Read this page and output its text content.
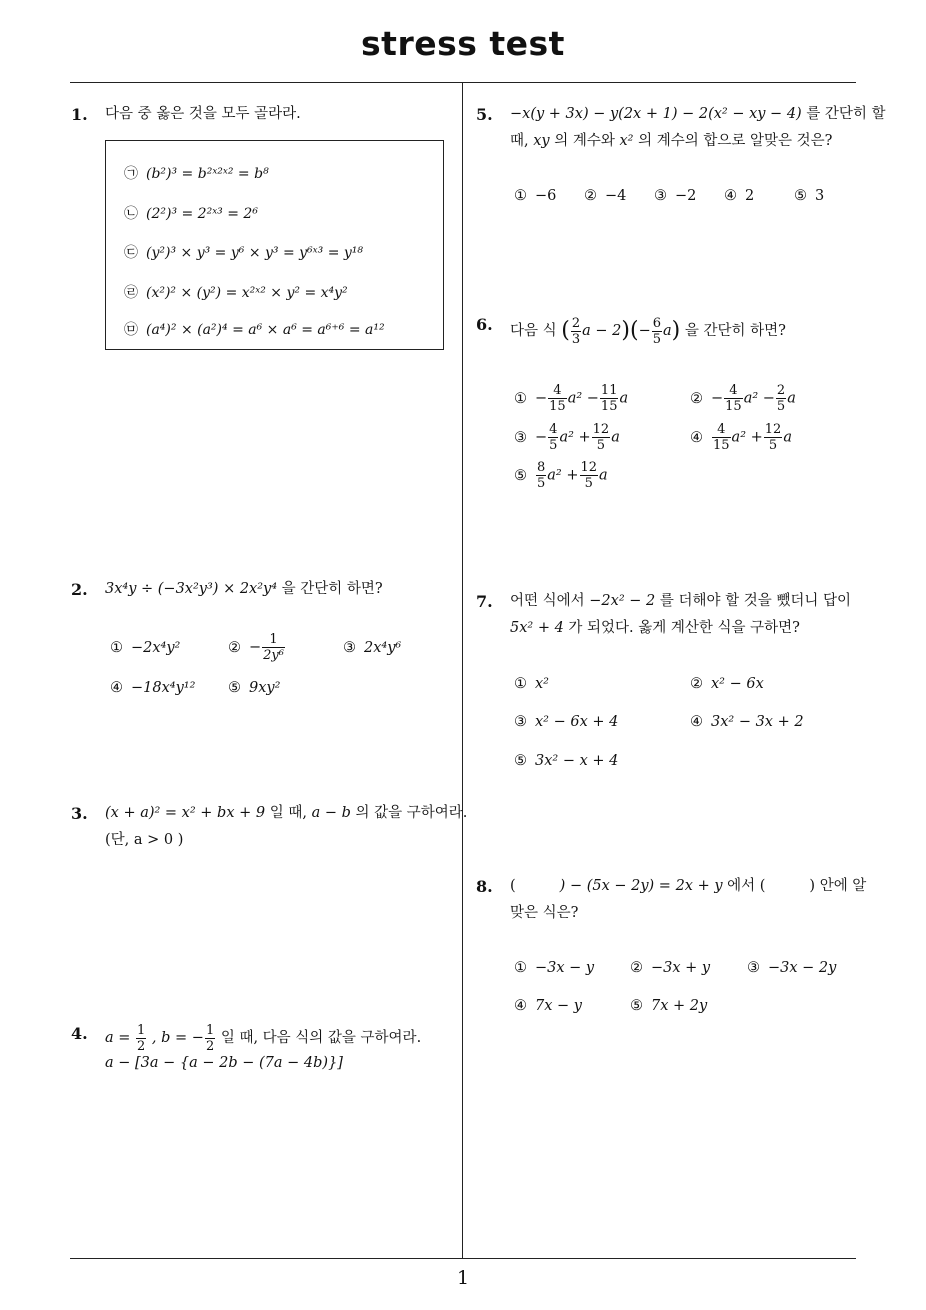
stress test
1
1. 다음 중 옳은 것을 모두 골라라.
㉠ (b²)³ = b²ˣ²ˣ² = b⁸
㉡ (2²)³ = 2²ˣ³ = 2⁶
㉢ (y²)³ × y³ = y⁶ × y³ = y⁶ˣ³ = y¹⁸
㉣ (x²)² × (y²) = x²ˣ² × y² = x⁴y²
㉤ (a⁴)² × (a²)⁴ = a⁶ × a⁶ = a⁶⁺⁶ = a¹²
2. 3x⁴y ÷ (−3x²y³) × 2x²y⁴ 을 간단히 하면?
① −2x⁴y²	② − $\frac{1}{\text{2y⁶}}$	③ 2x⁴y⁶
④ −18x⁴y¹² ⑤ 9xy²
3. (x + a)² = x² + bx + 9 일 때, a − b 의 값을 구하여라.
(단, a > 0 )
4. $a = \frac{1}{2}$ , b = − $\frac{1}{2}$ 일 때, 다음 식의 값을 구하여라.
a − [3a − {a − 2b − (7a − 4b)}]
5. −x(y + 3x) − y(2x + 1) − 2(x² − xy − 4) 를 간단히 할
때, xy 의 계수와 x² 의 계수의 합으로 알맞은 것은?
① −6 ② −4 ③ −2 ④ 2	⑤ 3
6. 다음 식 ( $\frac{2}{3}$ $a - 2)(- \frac{6}{5} a)$ 을 간단히 하면?
① − $\frac{4}{15} a^2 - \frac{11}{15}$ a	② − $\frac{4}{15} a^2 - \frac{2}{5}$ a
③ − $\frac{4}{5} a^2 + \frac{12}{5}$ a	④ $\frac{4}{15} a^2 + \frac{12}{5}$ a
⑤ $\frac{8}{5} a^2 + \frac{12}{5}$ a
7. 어떤 식에서 −2x² − 2 를 더해야 할 것을 뺐더니 답이
5x² + 4 가 되었다. 옳게 계산한 식을 구하면?
① x²	② x² − 6x
③ x² − 6x + 4	④ 3x² − 3x + 2
⑤ 3x² − x + 4
8. (	) − (5x − 2y) = 2x + y 에서 (	) 안에 알
맞은 식은?
① −3x − y ② −3x + y	③ −3x − 2y
④ 7x − y	⑤ 7x + 2y
